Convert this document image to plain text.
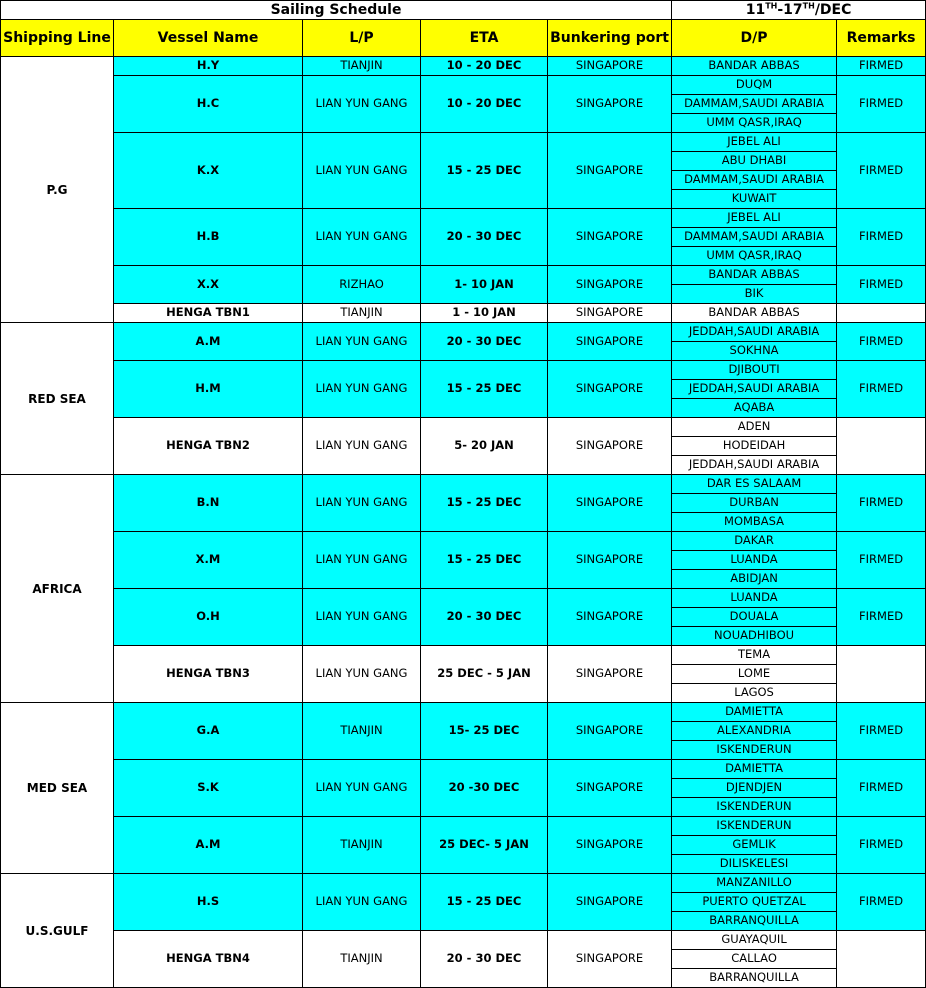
Sailing Schedule					11TH-17TH/DEC	
Shipping Line	Vessel Name	L/P	ETA	Bunkering port	D/P	Remarks
P.G	H.Y	TIANJIN	10 - 20 DEC	SINGAPORE	BANDAR ABBAS	FIRMED
	H.C	LIAN YUN GANG	10 - 20 DEC	SINGAPORE	DUQM	FIRMED
					DAMMAM,SAUDI ARABIA	
					UMM QASR,IRAQ	
	K.X	LIAN YUN GANG	15 - 25 DEC	SINGAPORE	JEBEL ALI	FIRMED
					ABU DHABI	
					DAMMAM,SAUDI ARABIA	
					KUWAIT	
	H.B	LIAN YUN GANG	20 - 30 DEC	SINGAPORE	JEBEL ALI	FIRMED
					DAMMAM,SAUDI ARABIA	
					UMM QASR,IRAQ	
	X.X	RIZHAO	1- 10 JAN	SINGAPORE	BANDAR ABBAS	FIRMED
					BIK	
	HENGA TBN1	TIANJIN	1 - 10 JAN	SINGAPORE	BANDAR ABBAS	
RED SEA	A.M	LIAN YUN GANG	20 - 30 DEC	SINGAPORE	JEDDAH,SAUDI ARABIA	FIRMED
					SOKHNA	
	H.M	LIAN YUN GANG	15 - 25 DEC	SINGAPORE	DJIBOUTI	FIRMED
					JEDDAH,SAUDI ARABIA	
					AQABA	
	HENGA TBN2	LIAN YUN GANG	5- 20 JAN	SINGAPORE	ADEN	
					HODEIDAH	
					JEDDAH,SAUDI ARABIA	
AFRICA	B.N	LIAN YUN GANG	15 - 25 DEC	SINGAPORE	DAR ES SALAAM	FIRMED
					DURBAN	
					MOMBASA	
	X.M	LIAN YUN GANG	15 - 25 DEC	SINGAPORE	DAKAR	FIRMED
					LUANDA	
					ABIDJAN	
	O.H	LIAN YUN GANG	20 - 30 DEC	SINGAPORE	LUANDA	FIRMED
					DOUALA	
					NOUADHIBOU	
	HENGA TBN3	LIAN YUN GANG	25 DEC - 5 JAN	SINGAPORE	TEMA	
					LOME	
					LAGOS	
MED SEA	G.A	TIANJIN	15- 25 DEC	SINGAPORE	DAMIETTA	FIRMED
					ALEXANDRIA	
					ISKENDERUN	
	S.K	LIAN YUN GANG	20 -30 DEC	SINGAPORE	DAMIETTA	FIRMED
					DJENDJEN	
					ISKENDERUN	
	A.M	TIANJIN	25 DEC- 5 JAN	SINGAPORE	ISKENDERUN	FIRMED
					GEMLIK	
					DILISKELESI	
U.S.GULF	H.S	LIAN YUN GANG	15 - 25 DEC	SINGAPORE	MANZANILLO	FIRMED
					PUERTO QUETZAL	
					BARRANQUILLA	
	HENGA TBN4	TIANJIN	20 - 30 DEC	SINGAPORE	GUAYAQUIL	
					CALLAO	
					BARRANQUILLA	
